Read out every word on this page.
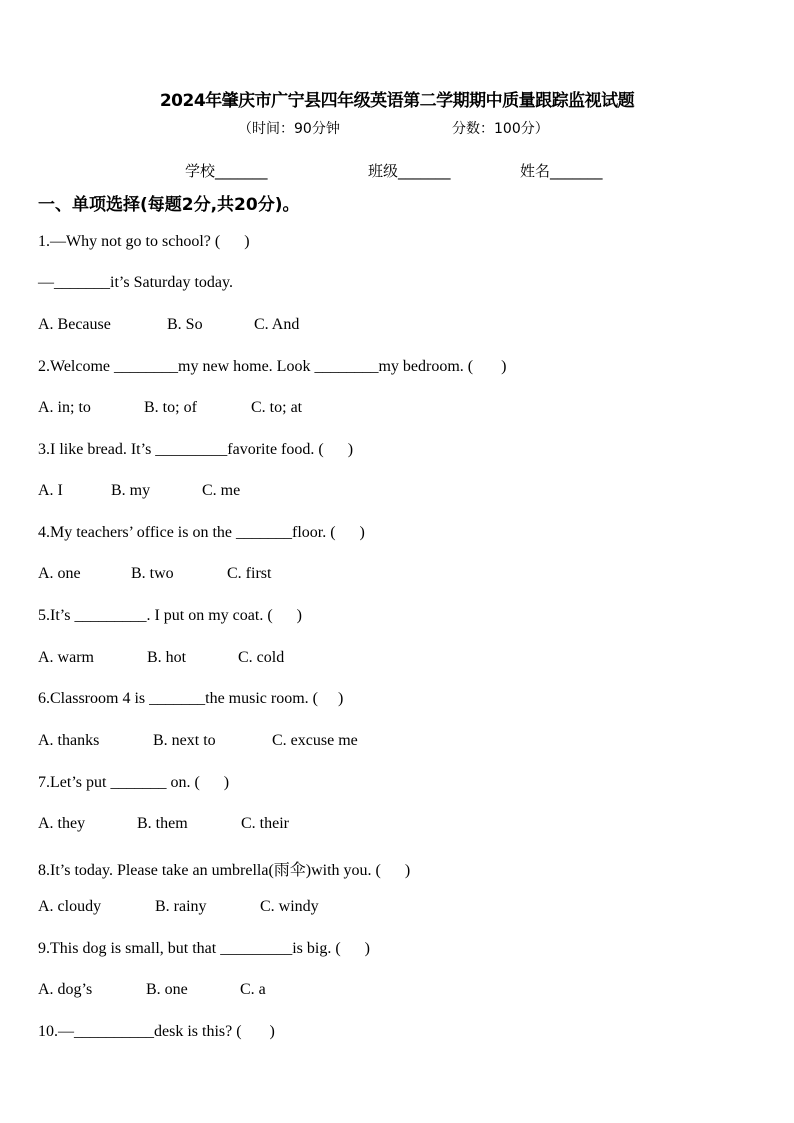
2024年肇庆市广宁县四年级英语第二学期期中质量跟踪监视试题
（时间：90分钟	分数：100分）
学校_______	班级_______	姓名_______
一、单项选择(每题2分,共20分)。
1.—Why not go to school? (      )
—_______it’s Saturday today.
A. Because	B. So	C. And
2.Welcome ________my new home. Look ________my bedroom. (       )
A. in; to	B. to; of	C. to; at
3.I like bread. It’s _________favorite food. (      )
A. I	B. my	C. me
4.My teachers’ office is on the _______floor. (      )
A. one	B. two	C. first
5.It’s _________. I put on my coat. (      )
A. warm	B. hot	C. cold
6.Classroom 4 is _______the music room. (     )
A. thanks	B. next to	C. excuse me
7.Let’s put _______ on. (      )
A. they	B. them	C. their
8.It’s today. Please take an umbrella(雨伞)with you. (      )
A. cloudy	B. rainy	C. windy
9.This dog is small, but that _________is big. (      )
A. dog’s	B. one	C. a
10.—__________desk is this? (       )
